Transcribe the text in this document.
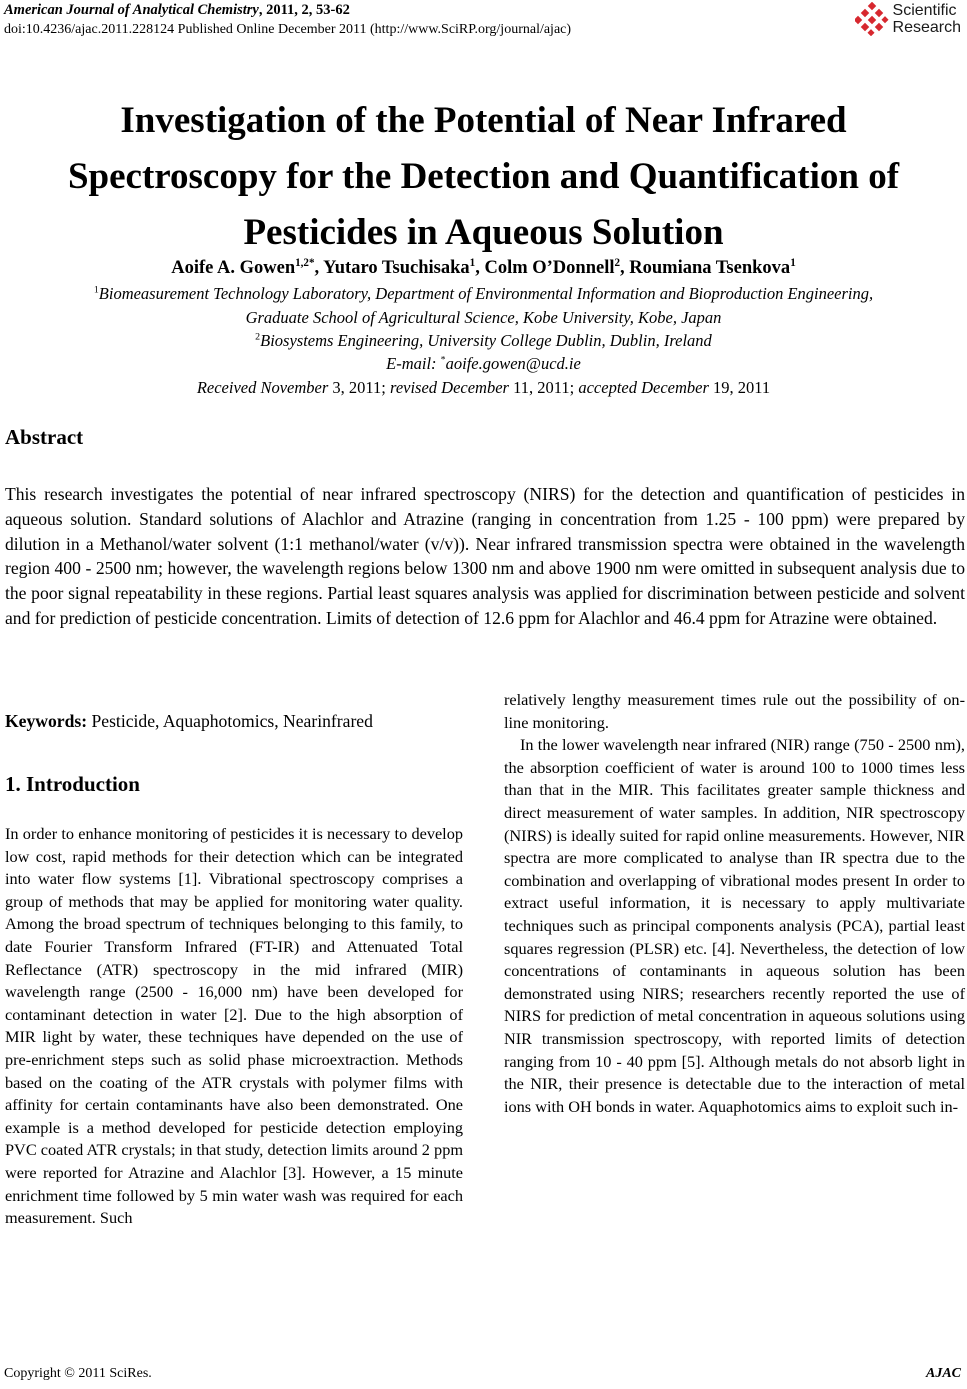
American Journal of Analytical Chemistry, 2011, 2, 53-62
doi:10.4236/ajac.2011.228124 Published Online December 2011 (http://www.SciRP.org/journal/ajac)
Scientific
Research
Investigation of the Potential of Near Infrared
Spectroscopy for the Detection and Quantification of
Pesticides in Aqueous Solution
Aoife A. Gowen$^{1,2*}$, Yutaro Tsuchisaka$^1$, Colm O’Donnell$^2$, Roumiana Tsenkova$^1$
$^1$Biomeasurement Technology Laboratory, Department of Environmental Information and Bioproduction Engineering,
Graduate School of Agricultural Science, Kobe University, Kobe, Japan
$^2$Biosystems Engineering, University College Dublin, Dublin, Ireland
E-mail: *aoife.gowen@ucd.ie
Received November 3, 2011; revised December 11, 2011; accepted December 19, 2011
Abstract
This research investigates the potential of near infrared spectroscopy (NIRS) for the detection and quantification of pesticides in aqueous solution. Standard solutions of Alachlor and Atrazine (ranging in concentration from 1.25 - 100 ppm) were prepared by dilution in a Methanol/water solvent (1:1 methanol/water (v/v)). Near infrared transmission spectra were obtained in the wavelength region 400 - 2500 nm; however, the wavelength regions below 1300 nm and above 1900 nm were omitted in subsequent analysis due to the poor signal repeatability in these regions. Partial least squares analysis was applied for discrimination between pesticide and solvent and for prediction of pesticide concentration. Limits of detection of 12.6 ppm for Alachlor and 46.4 ppm for Atrazine were obtained.
Keywords: Pesticide, Aquaphotomics, Nearinfrared
1. Introduction

In order to enhance monitoring of pesticides it is necessary to develop low cost, rapid methods for their detection which can be integrated into water flow systems [1]. Vibrational spectroscopy comprises a group of methods that may be applied for monitoring water quality. Among the broad spectrum of techniques belonging to this family, to date Fourier Transform Infrared (FT-IR) and Attenuated Total Reflectance (ATR) spectroscopy in the mid infrared (MIR) wavelength range (2500 - 16,000 nm) have been developed for contaminant detection in water [2]. Due to the high absorption of MIR light by water, these techniques have depended on the use of pre-enrichment steps such as solid phase microextraction. Methods based on the coating of the ATR crystals with polymer films with affinity for certain contaminants have also been demonstrated. One example is a method developed for pesticide detection employing PVC coated ATR crystals; in that study, detection limits around 2 ppm were reported for Atrazine and Alachlor [3]. However, a 15 minute enrichment time followed by 5 min water wash was required for each measurement. Such

relatively lengthy measurement times rule out the possibility of on-line monitoring.

In the lower wavelength near infrared (NIR) range (750 - 2500 nm), the absorption coefficient of water is around 100 to 1000 times less than that in the MIR. This facilitates greater sample thickness and direct measurement of water samples. In addition, NIR spectroscopy (NIRS) is ideally suited for rapid online measurements. However, NIR spectra are more complicated to analyse than IR spectra due to the combination and overlapping of vibrational modes present In order to extract useful information, it is necessary to apply multivariate techniques such as principal components analysis (PCA), partial least squares regression (PLSR) etc. [4]. Nevertheless, the detection of low concentrations of contaminants in aqueous solution has been demonstrated using NIRS; researchers recently reported the use of NIRS for prediction of metal concentration in aqueous solutions using NIR transmission spectroscopy, with reported limits of detection ranging from 10 - 40 ppm [5]. Although metals do not absorb light in the NIR, their presence is detectable due to the interaction of metal ions with OH bonds in water. Aquaphotomics aims to exploit such in-

Copyright © 2011 SciRes.	AJAC
